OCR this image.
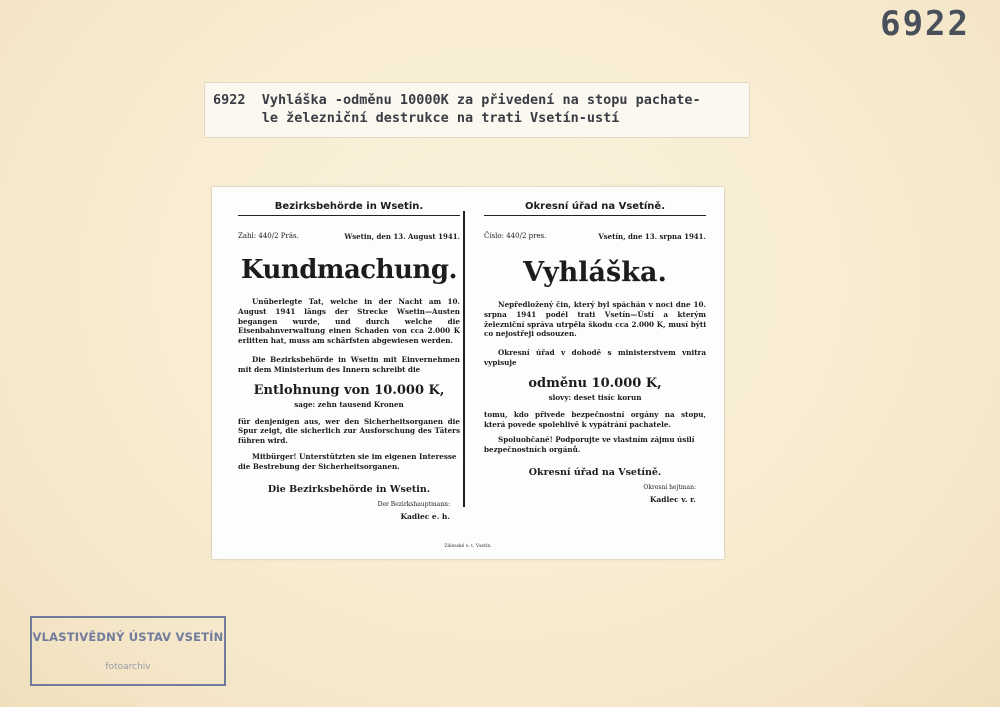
6922
6922  Vyhláška -odměnu 10000K za přivedení na stopu pachate-
le železniční destrukce na trati Vsetín-ustí
Bezirksbehörde in Wsetin.
Zahl: 440/2 Präs.	Wsetin, den 13. August 1941.
Kundmachung.
Unüberlegte Tat, welche in der Nacht am 10. August 1941 längs der Strecke Wsetin—Austen begangen wurde, und durch welche die Eisenbahnverwaltung einen Schaden von cca 2.000 K erlitten hat, muss am schärfsten abgewiesen werden.
Die Bezirksbehörde in Wsetin mit Einvernehmen mit dem Ministerium des Innern schreibt die
Entlohnung von 10.000 K,
sage: zehn tausend Kronen
für denjenigen aus, wer den Sicherheitsorganen die Spur zeigt, die sicherlich zur Ausforschung des Täters führen wird.
Mitbürger! Unterstützten sie im eigenen Interesse die Bestrebung der Sicherheitsorganen.
Die Bezirksbehörde in Wsetin.
Der Bezirkshauptmann:
Kadlec e. h.
Okresní úřad na Vsetíně.
Číslo: 440/2 pres.	Vsetín, dne 13. srpna 1941.
Vyhláška.
Nepředložený čin, který byl spáchán v noci dne 10. srpna 1941 podél trati Vsetín—Ústí a kterým železniční správa utrpěla škodu cca 2.000 K, musí býti co nejostřeji odsouzen.
Okresní úřad v dohodě s ministerstvem vnitra vypisuje
odměnu 10.000 K,
slovy: deset tisíc korun
tomu, kdo přivede bezpečnostní orgány na stopu, která povede spolehlivě k vypátrání pachatele.
Spoluobčané! Podporujte ve vlastním zájmu úsilí bezpečnostních orgánů.
Okresní úřad na Vsetíně.
Okresní hejtman:
Kadlec v. r.
Zálesské o. t. Vsetín.
VLASTIVĚDNÝ ÚSTAV VSETÍN
fotoarchiv
